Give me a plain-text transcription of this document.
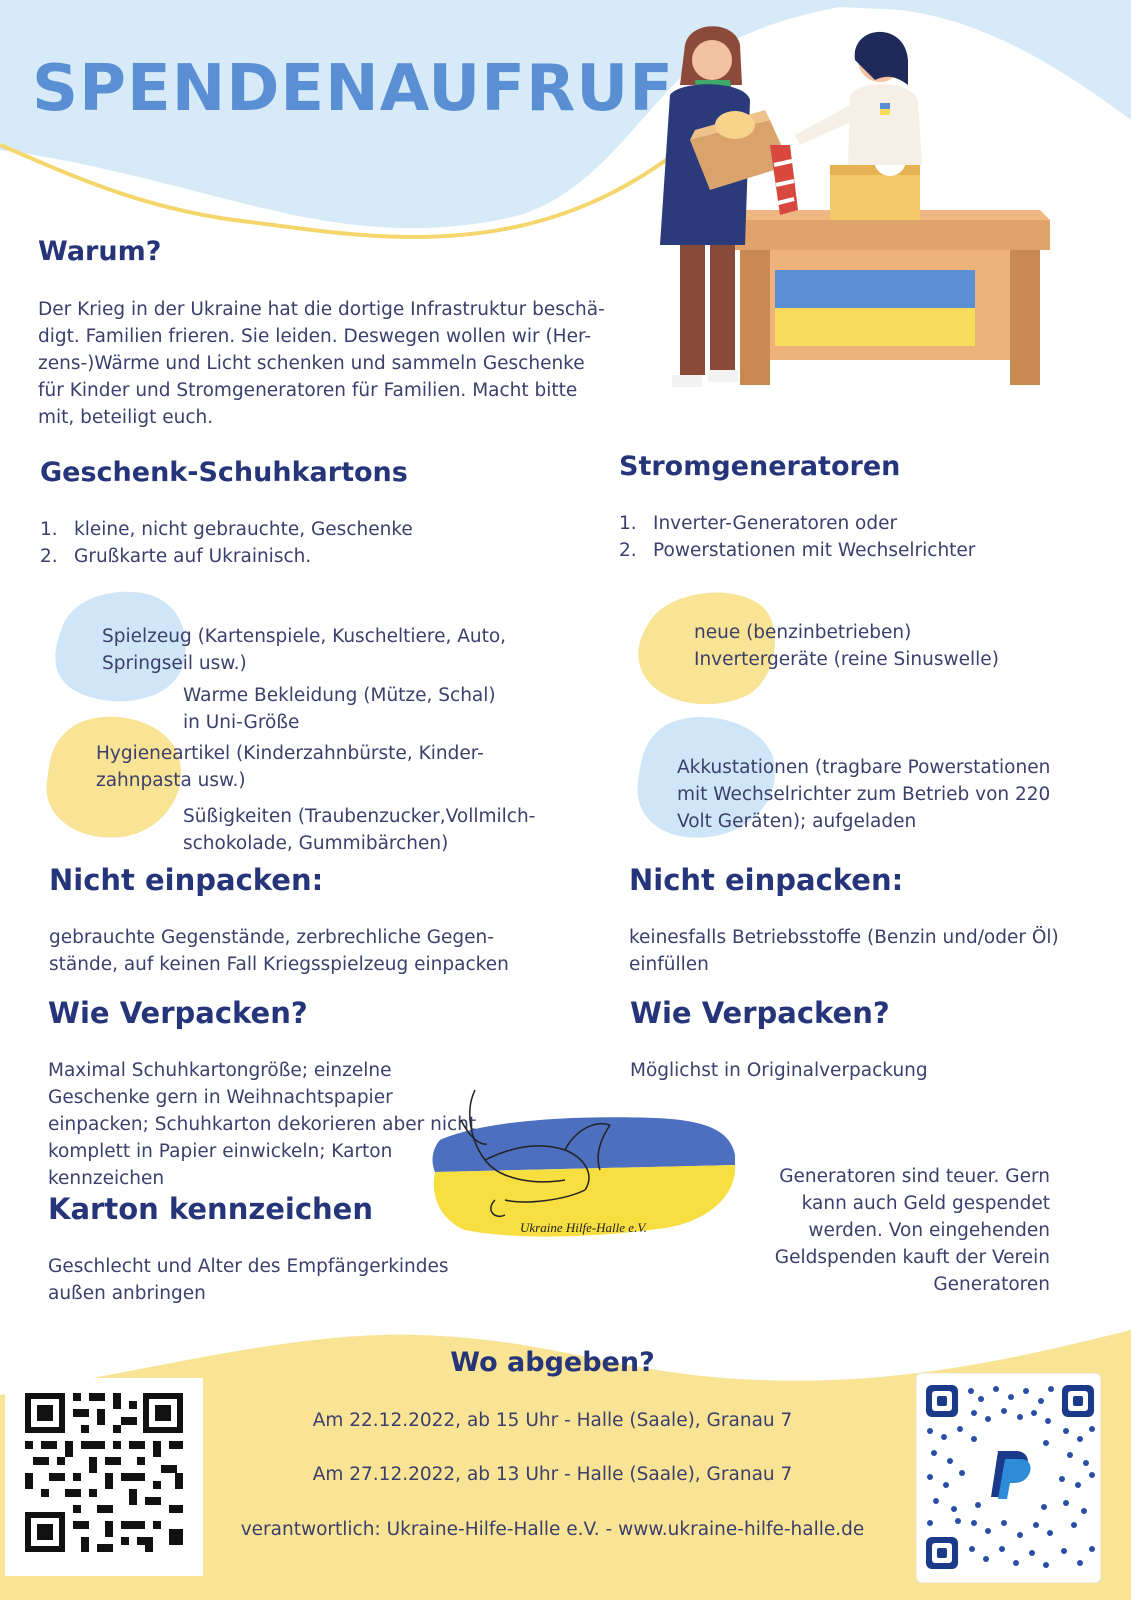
SPENDENAUFRUF
Warum?

Der Krieg in der Ukraine hat die dortige Infrastruktur beschä-digt. Familien frieren. Sie leiden. Deswegen wollen wir (Her-zens-)Wärme und Licht schenken und sammeln Geschenke für Kinder und Stromgeneratoren für Familien. Macht bitte mit, beteiligt euch.

Geschenk-Schuhkartons
1. kleine, nicht gebrauchte, Geschenke
2. Grußkarte auf Ukrainisch.

Spielzeug (Kartenspiele, Kuscheltiere, Auto, Springseil usw.)

Warme Bekleidung (Mütze, Schal) in Uni-Größe

Hygieneartikel (Kinderzahnbürste, Kinder-zahnpasta usw.)

Süßigkeiten (Traubenzucker,Vollmilch-schokolade, Gummibärchen)

Stromgeneratoren
1. Inverter-Generatoren oder
2. Powerstationen mit Wechselrichter

neue (benzinbetrieben) Invertergeräte (reine Sinuswelle)

Akkustationen (tragbare Powerstationen mit Wechselrichter zum Betrieb von 220 Volt Geräten); aufgeladen

Nicht einpacken:

gebrauchte Gegenstände, zerbrechliche Gegen-stände, auf keinen Fall Kriegsspielzeug einpacken

Nicht einpacken:

keinesfalls Betriebsstoffe (Benzin und/oder Öl) einfüllen

Wie Verpacken?

Maximal Schuhkartongröße; einzelne Geschenke gern in Weihnachtspapier einpacken; Schuhkarton dekorieren aber nicht komplett in Papier einwickeln; Karton kennzeichen

Wie Verpacken?

Möglichst in Originalverpackung

Ukraine Hilfe-Halle e.V.

Generatoren sind teuer. Gern kann auch Geld gespendet werden. Von eingehenden Geldspenden kauft der Verein Generatoren

Karton kennzeichen

Geschlecht und Alter des Empfängerkindes außen anbringen

Wo abgeben?

Am 22.12.2022, ab 15 Uhr - Halle (Saale), Granau 7

Am 27.12.2022, ab 13 Uhr - Halle (Saale), Granau 7

verantwortlich: Ukraine-Hilfe-Halle e.V. - www.ukraine-hilfe-halle.de
